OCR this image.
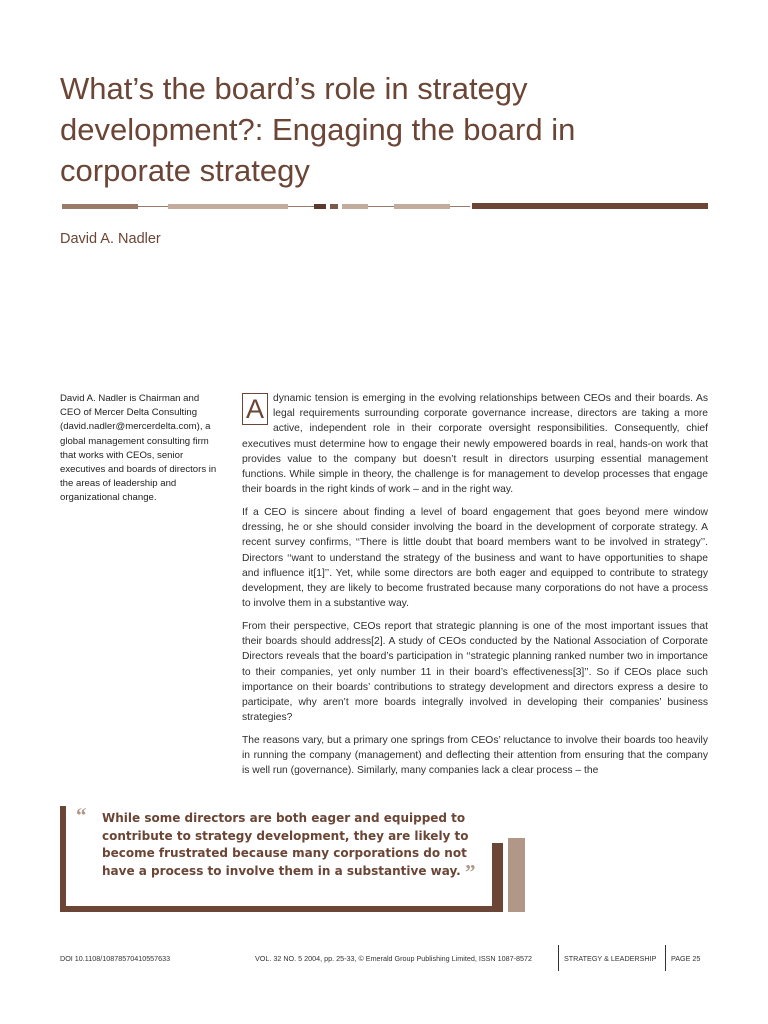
What’s the board’s role in strategy development?: Engaging the board in corporate strategy
David A. Nadler
David A. Nadler is Chairman and CEO of Mercer Delta Consulting (david.nadler@mercerdelta.com), a global management consulting firm that works with CEOs, senior executives and boards of directors in the areas of leadership and organizational change.

A dynamic tension is emerging in the evolving relationships between CEOs and their boards. As legal requirements surrounding corporate governance increase, directors are taking a more active, independent role in their corporate oversight responsibilities. Consequently, chief executives must determine how to engage their newly empowered boards in real, hands-on work that provides value to the company but doesn’t result in directors usurping essential management functions. While simple in theory, the challenge is for management to develop processes that engage their boards in the right kinds of work – and in the right way.

If a CEO is sincere about finding a level of board engagement that goes beyond mere window dressing, he or she should consider involving the board in the development of corporate strategy. A recent survey confirms, ‘‘There is little doubt that board members want to be involved in strategy’’. Directors ‘‘want to understand the strategy of the business and want to have opportunities to shape and influence it[1]’’. Yet, while some directors are both eager and equipped to contribute to strategy development, they are likely to become frustrated because many corporations do not have a process to involve them in a substantive way.

From their perspective, CEOs report that strategic planning is one of the most important issues that their boards should address[2]. A study of CEOs conducted by the National Association of Corporate Directors reveals that the board’s participation in ‘‘strategic planning ranked number two in importance to their companies, yet only number 11 in their board’s effectiveness[3]’’. So if CEOs place such importance on their boards’ contributions to strategy development and directors express a desire to participate, why aren’t more boards integrally involved in developing their companies’ business strategies?

The reasons vary, but a primary one springs from CEOs’ reluctance to involve their boards too heavily in running the company (management) and deflecting their attention from ensuring that the company is well run (governance). Similarly, many companies lack a clear process – the

“ While some directors are both eager and equipped to
contribute to strategy development, they are likely to
become frustrated because many corporations do not
have a process to involve them in a substantive way. ”
DOI 10.1108/10878570410557633	VOL. 32 NO. 5 2004, pp. 25-33, © Emerald Group Publishing Limited, ISSN 1087-8572	STRATEGY & LEADERSHIP PAGE 25
